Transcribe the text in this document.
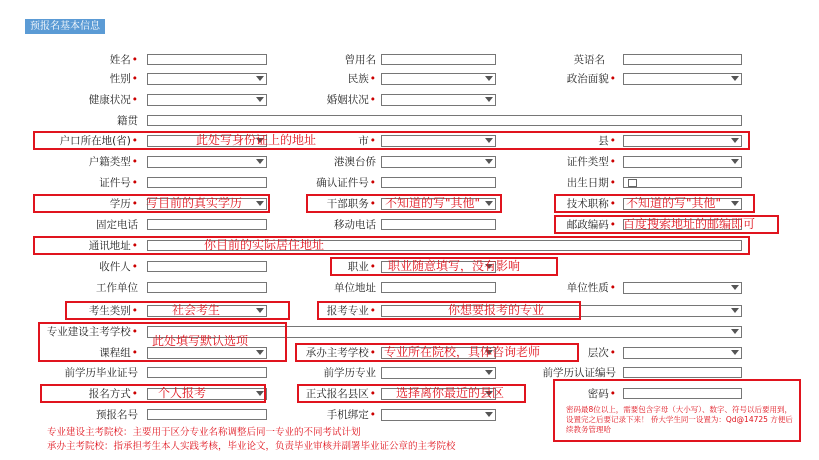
预报名基本信息
姓名•	曾用名	英语名
性别•	民族•	政治面貌•
健康状况•	婚姻状况•
籍贯
户口所在地(省)•	市•	县•
户籍类型•	港澳台侨	证件类型•
证件号•	确认证件号•	出生日期•
学历•	干部职务•	技术职称•
固定电话	移动电话	邮政编码•
通讯地址•
收件人•	职业•
工作单位	单位地址	单位性质•
考生类别•	报考专业•
专业建设主考学校•
课程组•	承办主考学校•	层次•
前学历毕业证号	前学历专业	前学历认证编号
报名方式•	正式报名县区•	密码•
预报名号	手机绑定•
此处写身份证上的地址
写目前的真实学历	不知道的写"其他"	不知道的写"其他"
百度搜索地址的邮编即可
你目前的实际居住地址
职业随意填写，没有影响
社会考生	你想要报考的专业
此处填写默认选项
专业所在院校，具体咨询老师
个人报考	选择离你最近的县区
密码最8位以上，需要包含字母（大小写）、数字、符号以后要用到，设置完之后要记录下来！ 侨大学生同一设置为：Qd@14725 方便后续教务管理哈
专业建设主考院校：主要用于区分专业名称调整后同一专业的不同考试计划
承办主考院校：指承担考生本人实践考核，毕业论文，负责毕业审核并副署毕业证公章的主考院校
